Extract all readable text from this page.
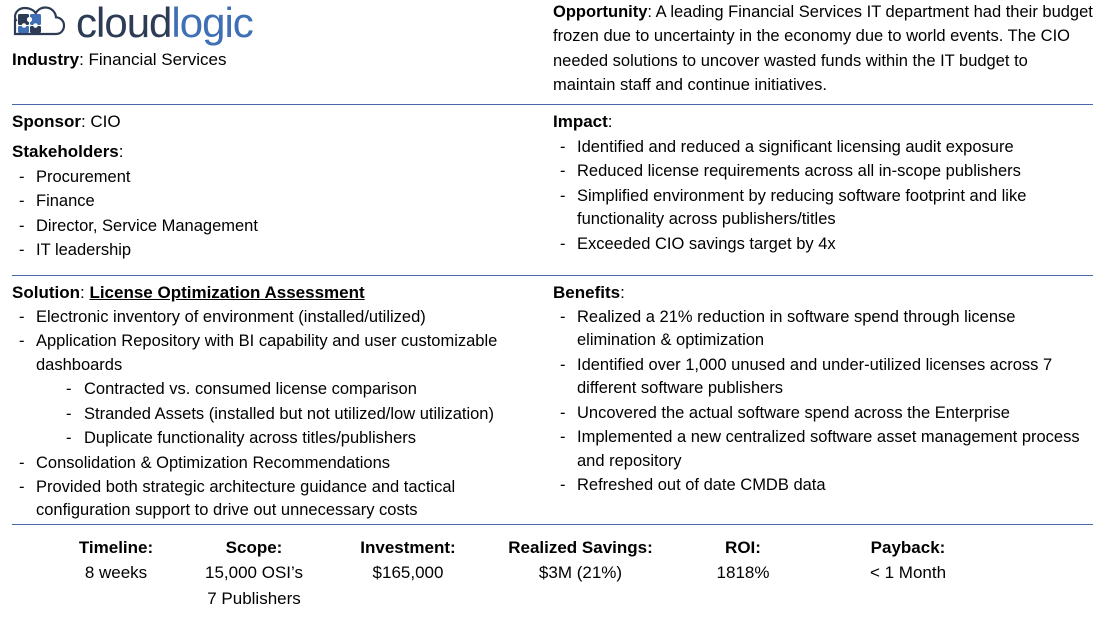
cloudlogic
Industry: Financial Services
Opportunity: A leading Financial Services IT department had their budget frozen due to uncertainty in the economy due to world events. The CIO needed solutions to uncover wasted funds within the IT budget to maintain staff and continue initiatives.
Sponsor: CIO
Stakeholders:
- Procurement
- Finance
- Director, Service Management
- IT leadership
Impact:
- Identified and reduced a significant licensing audit exposure
- Reduced license requirements across all in-scope publishers
- Simplified environment by reducing software footprint and like functionality across publishers/titles
- Exceeded CIO savings target by 4x
Solution: License Optimization Assessment
- Electronic inventory of environment (installed/utilized)
- Application Repository with BI capability and user customizable dashboards
- Contracted vs. consumed license comparison
- Stranded Assets (installed but not utilized/low utilization)
- Duplicate functionality across titles/publishers
- Consolidation & Optimization Recommendations
- Provided both strategic architecture guidance and tactical configuration support to drive out unnecessary costs
Benefits:
- Realized a 21% reduction in software spend through license elimination & optimization
- Identified over 1,000 unused and under-utilized licenses across 7 different software publishers
- Uncovered the actual software spend across the Enterprise
- Implemented a new centralized software asset management process and repository
- Refreshed out of date CMDB data
Timeline:
8 weeks
Scope:
15,000 OSI’s
7 Publishers
Investment:
$165,000
Realized Savings:
$3M (21%)
ROI:
1818%
Payback:
< 1 Month
